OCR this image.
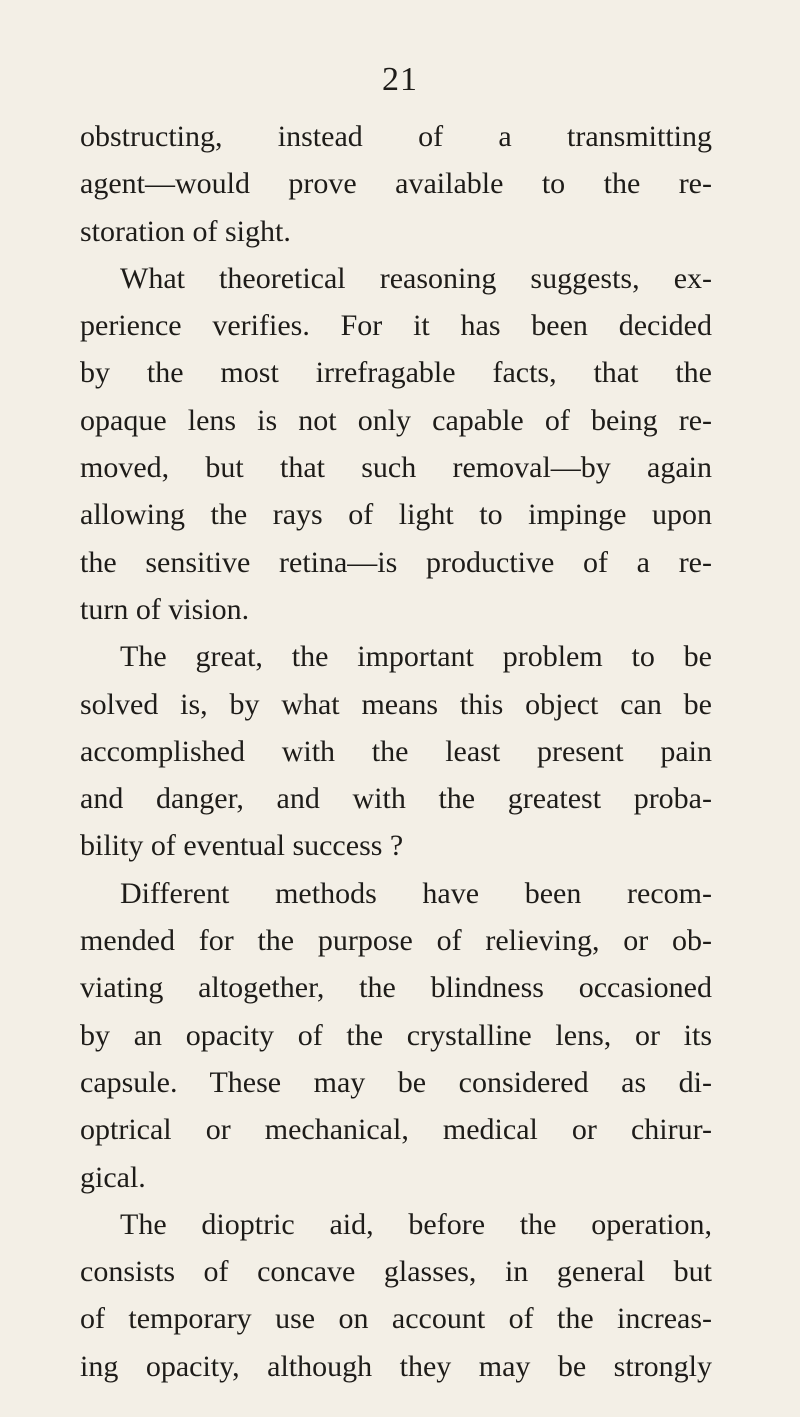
21
obstructing, instead of a transmitting
agent—would prove available to the re-
storation of sight.
What theoretical reasoning suggests, ex-
perience verifies. For it has been decided
by the most irrefragable facts, that the
opaque lens is not only capable of being re-
moved, but that such removal—by again
allowing the rays of light to impinge upon
the sensitive retina—is productive of a re-
turn of vision.
The great, the important problem to be
solved is, by what means this object can be
accomplished with the least present pain
and danger, and with the greatest proba-
bility of eventual success ?
Different methods have been recom-
mended for the purpose of relieving, or ob-
viating altogether, the blindness occasioned
by an opacity of the crystalline lens, or its
capsule. These may be considered as di-
optrical or mechanical, medical or chirur-
gical.
The dioptric aid, before the operation,
consists of concave glasses, in general but
of temporary use on account of the increas-
ing opacity, although they may be strongly
